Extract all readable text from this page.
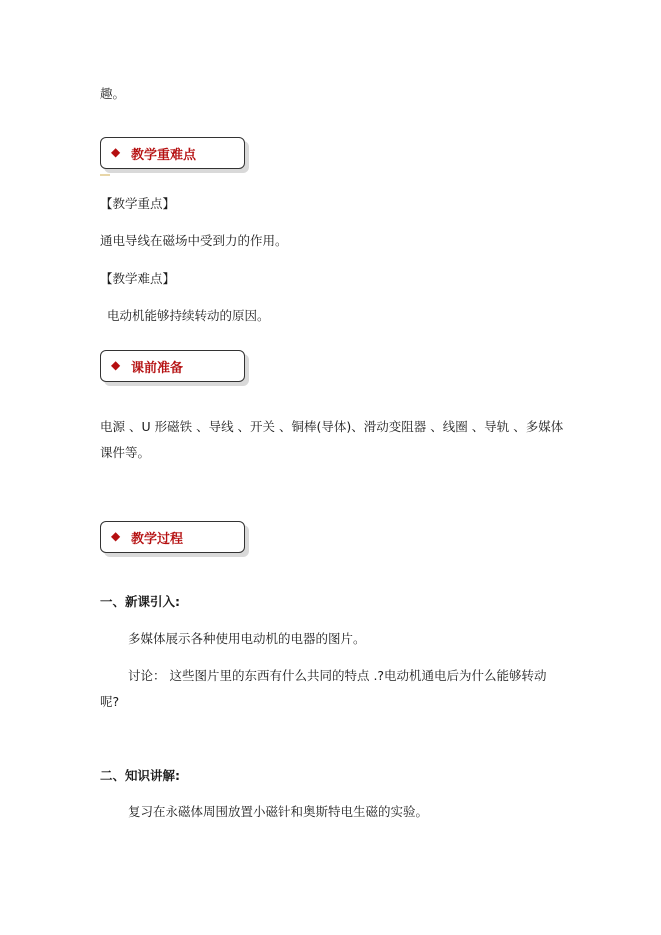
趣。
◆ 教学重难点
【教学重点】
通电导线在磁场中受到力的作用。
【教学难点】
电动机能够持续转动的原因。
◆ 课前准备
电源 、U 形磁铁 、导线 、开关 、铜棒(导体)、滑动变阻器 、线圈 、导轨 、多媒体
课件等。
◆ 教学过程
一、新课引入:
多媒体展示各种使用电动机的电器的图片。
讨论： 这些图片里的东西有什么共同的特点 .?电动机通电后为什么能够转动
呢?
二、知识讲解:
复习在永磁体周围放置小磁针和奥斯特电生磁的实验。
